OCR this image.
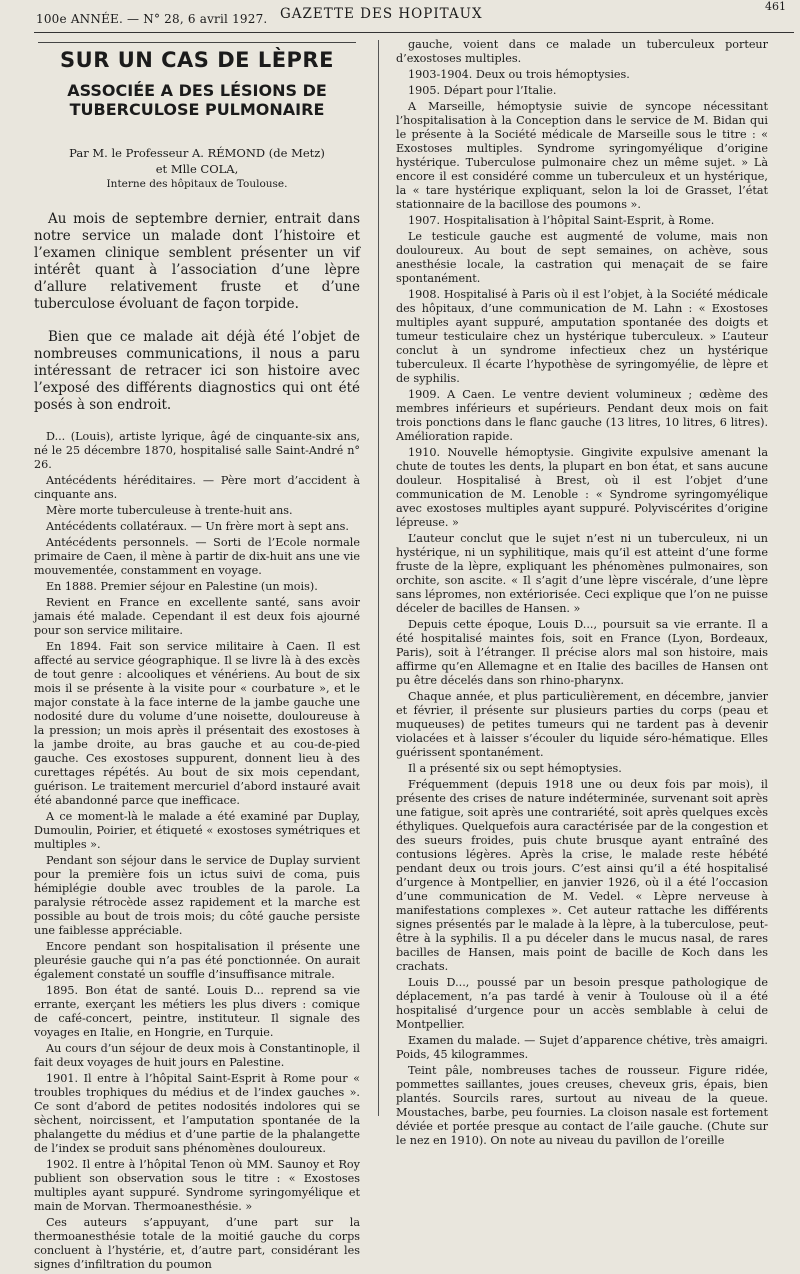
100e ANNÉE. — N° 28, 6 avril 1927. GAZETTE DES HOPITAUX	461
SUR UN CAS DE LÈPRE
ASSOCIÉE A DES LÉSIONS DE TUBERCULOSE PULMONAIRE
Par M. le Professeur A. RÉMOND (de Metz)
et Mlle COLA,
Interne des hôpitaux de Toulouse.
Au mois de septembre dernier, entrait dans notre service un malade dont l’histoire et l’examen clinique semblent présenter un vif intérêt quant à l’association d’une lèpre d’allure relativement fruste et d’une tuberculose évoluant de façon torpide.
Bien que ce malade ait déjà été l’objet de nombreuses communications, il nous a paru intéressant de retracer ici son histoire avec l’exposé des différents diagnostics qui ont été posés à son endroit.

D... (Louis), artiste lyrique, âgé de cinquante-six ans, né le 25 décembre 1870, hospitalisé salle Saint-André n° 26.

Antécédents héréditaires. — Père mort d’accident à cinquante ans.

Mère morte tuberculeuse à trente-huit ans.

Antécédents collatéraux. — Un frère mort à sept ans.

Antécédents personnels. — Sorti de l’Ecole normale primaire de Caen, il mène à partir de dix-huit ans une vie mouvementée, constamment en voyage.

En 1888. Premier séjour en Palestine (un mois).

Revient en France en excellente santé, sans avoir jamais été malade. Cependant il est deux fois ajourné pour son service militaire.

En 1894. Fait son service militaire à Caen. Il est affecté au service géographique. Il se livre là à des excès de tout genre : alcooliques et vénériens. Au bout de six mois il se présente à la visite pour « courbature », et le major constate à la face interne de la jambe gauche une nodosité dure du volume d’une noisette, douloureuse à la pression; un mois après il présentait des exostoses à la jambe droite, au bras gauche et au cou-de-pied gauche. Ces exostoses suppurent, donnent lieu à des curettages répétés. Au bout de six mois cependant, guérison. Le traitement mercuriel d’abord instauré avait été abandonné parce que inefficace.

A ce moment-là le malade a été examiné par Duplay, Dumoulin, Poirier, et étiqueté « exostoses symétriques et multiples ».

Pendant son séjour dans le service de Duplay survient pour la première fois un ictus suivi de coma, puis hémiplégie double avec troubles de la parole. La paralysie rétrocède assez rapidement et la marche est possible au bout de trois mois; du côté gauche persiste une faiblesse appréciable.

Encore pendant son hospitalisation il présente une pleurésie gauche qui n’a pas été ponctionnée. On aurait également constaté un souffle d’insuffisance mitrale.

1895. Bon état de santé. Louis D... reprend sa vie errante, exerçant les métiers les plus divers : comique de café-concert, peintre, instituteur. Il signale des voyages en Italie, en Hongrie, en Turquie.

Au cours d’un séjour de deux mois à Constantinople, il fait deux voyages de huit jours en Palestine.

1901. Il entre à l’hôpital Saint-Esprit à Rome pour « troubles trophiques du médius et de l’index gauches ». Ce sont d’abord de petites nodosités indolores qui se sèchent, noircissent, et l’amputation spontanée de la phalangette du médius et d’une partie de la phalangette de l’index se produit sans phénomènes douloureux.

1902. Il entre à l’hôpital Tenon où MM. Saunoy et Roy publient son observation sous le titre : « Exostoses multiples ayant suppuré. Syndrome syringomyélique et main de Morvan. Thermoanesthésie. »

Ces auteurs s’appuyant, d’une part sur la thermoanesthésie totale de la moitié gauche du corps concluent à l’hystérie, et, d’autre part, considérant les signes d’infiltration du poumon

gauche, voient dans ce malade un tuberculeux porteur d’exostoses multiples.

1903-1904. Deux ou trois hémoptysies.

1905. Départ pour l’Italie.

A Marseille, hémoptysie suivie de syncope nécessitant l’hospitalisation à la Conception dans le service de M. Bidan qui le présente à la Société médicale de Marseille sous le titre : « Exostoses multiples. Syndrome syringomyélique d’origine hystérique. Tuberculose pulmonaire chez un même sujet. » Là encore il est considéré comme un tuberculeux et un hystérique, la « tare hystérique expliquant, selon la loi de Grasset, l’état stationnaire de la bacillose des poumons ».

1907. Hospitalisation à l’hôpital Saint-Esprit, à Rome.

Le testicule gauche est augmenté de volume, mais non douloureux. Au bout de sept semaines, on achève, sous anesthésie locale, la castration qui menaçait de se faire spontanément.

1908. Hospitalisé à Paris où il est l’objet, à la Société médicale des hôpitaux, d’une communication de M. Lahn : « Exostoses multiples ayant suppuré, amputation spontanée des doigts et tumeur testiculaire chez un hystérique tuberculeux. » L’auteur conclut à un syndrome infectieux chez un hystérique tuberculeux. Il écarte l’hypothèse de syringomyélie, de lèpre et de syphilis.

1909. A Caen. Le ventre devient volumineux ; œdème des membres inférieurs et supérieurs. Pendant deux mois on fait trois ponctions dans le flanc gauche (13 litres, 10 litres, 6 litres). Amélioration rapide.

1910. Nouvelle hémoptysie. Gingivite expulsive amenant la chute de toutes les dents, la plupart en bon état, et sans aucune douleur. Hospitalisé à Brest, où il est l’objet d’une communication de M. Lenoble : « Syndrome syringomyélique avec exostoses multiples ayant suppuré. Polyviscérites d’origine lépreuse. »

L’auteur conclut que le sujet n’est ni un tuberculeux, ni un hystérique, ni un syphilitique, mais qu’il est atteint d’une forme fruste de la lèpre, expliquant les phénomènes pulmonaires, son orchite, son ascite. « Il s’agit d’une lèpre viscérale, d’une lèpre sans lépromes, non extériorisée. Ceci explique que l’on ne puisse déceler de bacilles de Hansen. »

Depuis cette époque, Louis D..., poursuit sa vie errante. Il a été hospitalisé maintes fois, soit en France (Lyon, Bordeaux, Paris), soit à l’étranger. Il précise alors mal son histoire, mais affirme qu’en Allemagne et en Italie des bacilles de Hansen ont pu être décelés dans son rhino-pharynx.

Chaque année, et plus particulièrement, en décembre, janvier et février, il présente sur plusieurs parties du corps (peau et muqueuses) de petites tumeurs qui ne tardent pas à devenir violacées et à laisser s’écouler du liquide séro-hématique. Elles guérissent spontanément.

Il a présenté six ou sept hémoptysies.

Fréquemment (depuis 1918 une ou deux fois par mois), il présente des crises de nature indéterminée, survenant soit après une fatigue, soit après une contrariété, soit après quelques excès éthyliques. Quelquefois aura caractérisée par de la congestion et des sueurs froides, puis chute brusque ayant entraîné des contusions légères. Après la crise, le malade reste hébété pendant deux ou trois jours. C’est ainsi qu’il a été hospitalisé d’urgence à Montpellier, en janvier 1926, où il a été l’occasion d’une communication de M. Vedel. « Lèpre nerveuse à manifestations complexes ». Cet auteur rattache les différents signes présentés par le malade à la lèpre, à la tuberculose, peut-être à la syphilis. Il a pu déceler dans le mucus nasal, de rares bacilles de Hansen, mais point de bacille de Koch dans les crachats.

Louis D..., poussé par un besoin presque pathologique de déplacement, n’a pas tardé à venir à Toulouse où il a été hospitalisé d’urgence pour un accès semblable à celui de Montpellier.

Examen du malade. — Sujet d’apparence chétive, très amaigri. Poids, 45 kilogrammes.

Teint pâle, nombreuses taches de rousseur. Figure ridée, pommettes saillantes, joues creuses, cheveux gris, épais, bien plantés. Sourcils rares, surtout au niveau de la queue. Moustaches, barbe, peu fournies. La cloison nasale est fortement déviée et portée presque au contact de l’aile gauche. (Chute sur le nez en 1910). On note au niveau du pavillon de l’oreille
